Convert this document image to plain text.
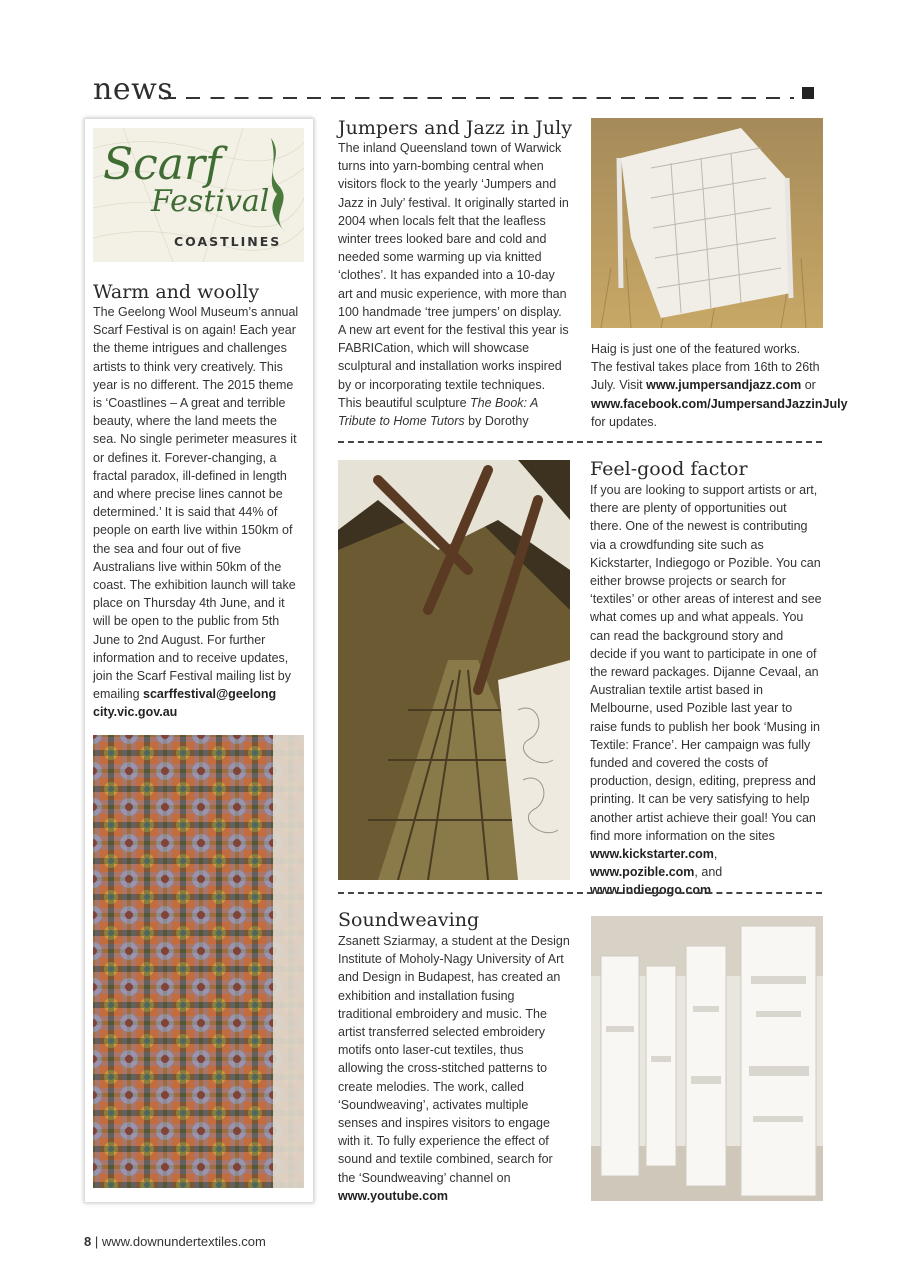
news
Scarf
Festival
COASTLINES
Warm and woolly

The Geelong Wool Museum’s annual Scarf Festival is on again! Each year the theme intrigues and challenges artists to think very creatively. This year is no different. The 2015 theme is ‘Coastlines – A great and terrible beauty, where the land meets the sea. No single perimeter measures it or defines it. Forever-changing, a fractal paradox, ill-defined in length and where precise lines cannot be determined.’ It is said that 44% of people on earth live within 150km of the sea and four out of five Australians live within 50km of the coast. The exhibition launch will take place on Thursday 4th June, and it will be open to the public from 5th June to 2nd August. For further information and to receive updates, join the Scarf Festival mailing list by emailing scarffestival@geelong city.vic.gov.au

Jumpers and Jazz in July

The inland Queensland town of Warwick turns into yarn-bombing central when visitors flock to the yearly ‘Jumpers and Jazz in July’ festival. It originally started in 2004 when locals felt that the leafless winter trees looked bare and cold and needed some warming up via knitted ‘clothes’. It has expanded into a 10-day art and music experience, with more than 100 handmade ‘tree jumpers’ on display. A new art event for the festival this year is FABRICation, which will showcase sculptural and installation works inspired by or incorporating textile techniques. This beautiful sculpture The Book: A Tribute to Home Tutors by Dorothy

Haig is just one of the featured works. The festival takes place from 16th to 26th July. Visit www.jumpersandjazz.com or www.facebook.com/JumpersandJazzinJuly for updates.

Feel-good factor

If you are looking to support artists or art, there are plenty of opportunities out there. One of the newest is contributing via a crowdfunding site such as Kickstarter, Indiegogo or Pozible. You can either browse projects or search for ‘textiles’ or other areas of interest and see what comes up and what appeals. You can read the background story and decide if you want to participate in one of the reward packages. Dijanne Cevaal, an Australian textile artist based in Melbourne, used Pozible last year to raise funds to publish her book ‘Musing in Textile: France’. Her campaign was fully funded and covered the costs of production, design, editing, prepress and printing. It can be very satisfying to help another artist achieve their goal! You can find more information on the sites www.kickstarter.com, www.pozible.com, and www.indiegogo.com

Soundweaving

Zsanett Sziarmay, a student at the Design Institute of Moholy-Nagy University of Art and Design in Budapest, has created an exhibition and installation fusing traditional embroidery and music. The artist transferred selected embroidery motifs onto laser-cut textiles, thus allowing the cross-stitched patterns to create melodies. The work, called ‘Soundweaving’, activates multiple senses and inspires visitors to engage with it. To fully experience the effect of sound and textile combined, search for the ‘Soundweaving’ channel on www.youtube.com

8 | www.downundertextiles.com
